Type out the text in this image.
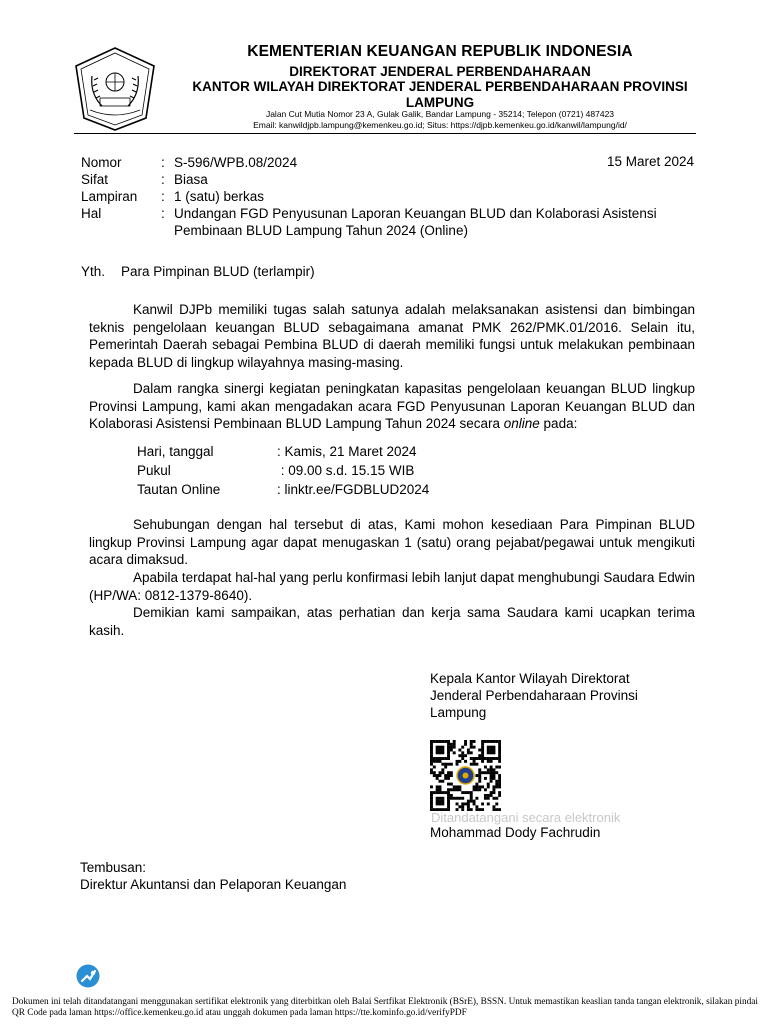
KEMENTERIAN KEUANGAN REPUBLIK INDONESIA
DIREKTORAT JENDERAL PERBENDAHARAAN
KANTOR WILAYAH DIREKTORAT JENDERAL PERBENDAHARAAN PROVINSI
LAMPUNG
Jalan Cut Mutia Nomor 23 A, Gulak Galik, Bandar Lampung - 35214; Telepon (0721) 487423
Email: kanwildjpb.lampung@kemenkeu.go.id; Situs: https://djpb.kemenkeu.go.id/kanwil/lampung/id/
Nomor	: S-596/WPB.08/2024
Sifat	: Biasa
Lampiran	: 1 (satu) berkas
Hal	: Undangan FGD Penyusunan Laporan Keuangan BLUD dan Kolaborasi Asistensi Pembinaan BLUD Lampung Tahun 2024 (Online)
15 Maret 2024
Yth. Para Pimpinan BLUD (terlampir)
Kanwil DJPb memiliki tugas salah satunya adalah melaksanakan asistensi dan bimbingan teknis pengelolaan keuangan BLUD sebagaimana amanat PMK 262/PMK.01/2016. Selain itu, Pemerintah Daerah sebagai Pembina BLUD di daerah memiliki fungsi untuk melakukan pembinaan kepada BLUD di lingkup wilayahnya masing-masing.
Dalam rangka sinergi kegiatan peningkatan kapasitas pengelolaan keuangan BLUD lingkup Provinsi Lampung, kami akan mengadakan acara FGD Penyusunan Laporan Keuangan BLUD dan Kolaborasi Asistensi Pembinaan BLUD Lampung Tahun 2024 secara online pada:
Hari, tanggal	: Kamis, 21 Maret 2024
Pukul	: 09.00 s.d. 15.15 WIB
Tautan Online	: linktr.ee/FGDBLUD2024
Sehubungan dengan hal tersebut di atas, Kami mohon kesediaan Para Pimpinan BLUD lingkup Provinsi Lampung agar dapat menugaskan 1 (satu) orang pejabat/pegawai untuk mengikuti acara dimaksud.
Apabila terdapat hal-hal yang perlu konfirmasi lebih lanjut dapat menghubungi Saudara Edwin (HP/WA: 0812-1379-8640).
Demikian kami sampaikan, atas perhatian dan kerja sama Saudara kami ucapkan terima kasih.
Kepala Kantor Wilayah Direktorat
Jenderal Perbendaharaan Provinsi
Lampung
Ditandatangani secara elektronik
Mohammad Dody Fachrudin
Tembusan:
Direktur Akuntansi dan Pelaporan Keuangan
Dokumen ini telah ditandatangani menggunakan sertifikat elektronik yang diterbitkan oleh Balai Sertfikat Elektronik (BSrE), BSSN. Untuk memastikan keaslian tanda tangan elektronik, silakan pindai QR Code pada laman https://office.kemenkeu.go.id atau unggah dokumen pada laman https://tte.kominfo.go.id/verifyPDF
